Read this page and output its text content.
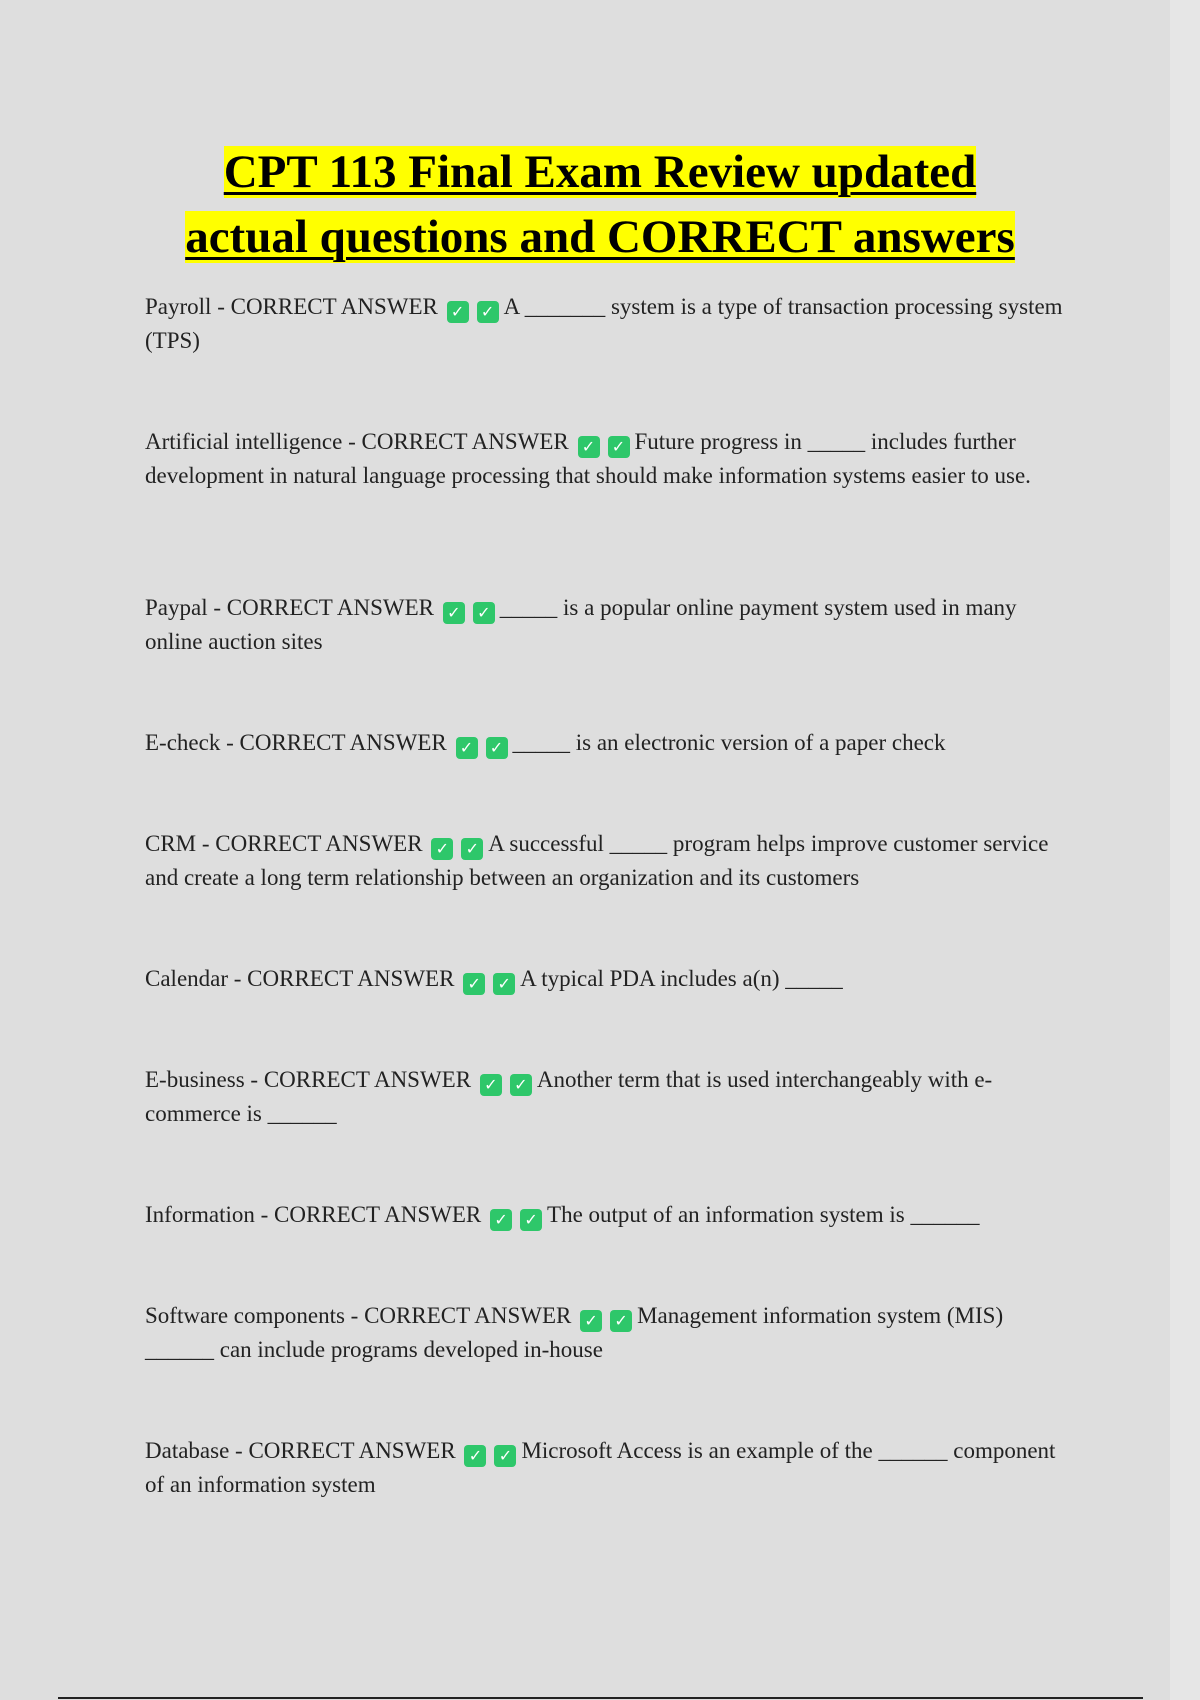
CPT 113 Final Exam Review updated
actual questions and CORRECT answers

Payroll - CORRECT ANSWER ✓ ✓ A _______ system is a type of transaction processing system (TPS)

Artificial intelligence - CORRECT ANSWER ✓ ✓ Future progress in _____ includes further development in natural language processing that should make information systems easier to use.

Paypal - CORRECT ANSWER ✓ ✓ _____ is a popular online payment system used in many online auction sites

E-check - CORRECT ANSWER ✓ ✓ _____ is an electronic version of a paper check

CRM - CORRECT ANSWER ✓ ✓ A successful _____ program helps improve customer service and create a long term relationship between an organization and its customers

Calendar - CORRECT ANSWER ✓ ✓ A typical PDA includes a(n) _____

E-business - CORRECT ANSWER ✓ ✓ Another term that is used interchangeably with e-commerce is ______

Information - CORRECT ANSWER ✓ ✓ The output of an information system is ______

Software components - CORRECT ANSWER ✓ ✓ Management information system (MIS) ______ can include programs developed in-house

Database - CORRECT ANSWER ✓ ✓ Microsoft Access is an example of the ______ component of an information system
